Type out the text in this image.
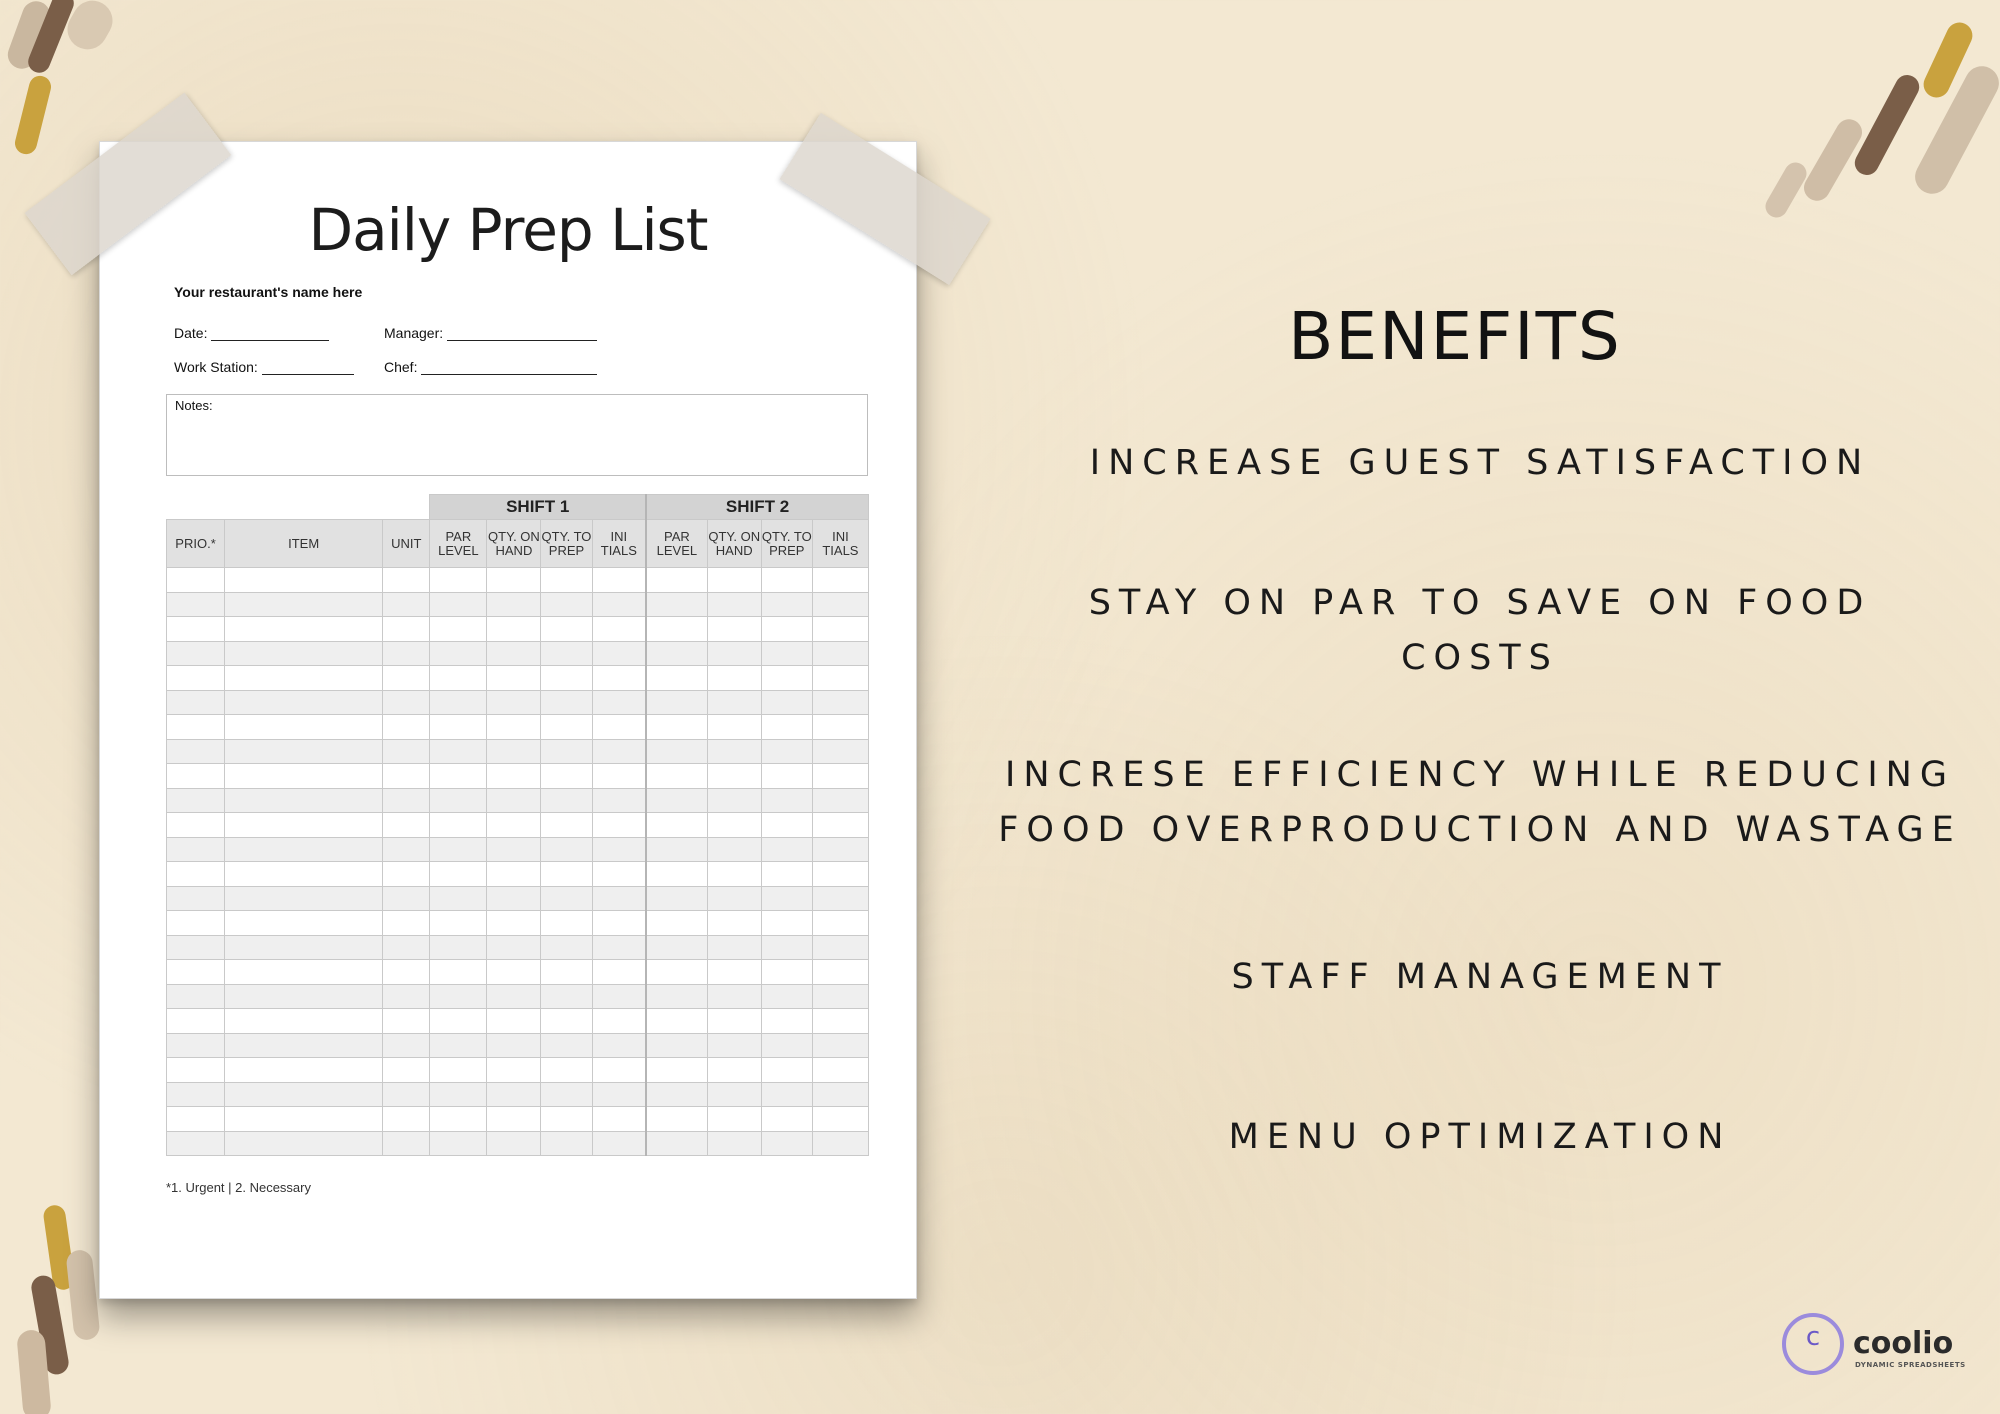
Daily Prep List
Your restaurant's name here
Date:	Manager:
Work Station:	Chef:
Notes:
			SHIFT 1				SHIFT 2			
PRIO.*	ITEM	UNIT	PAR LEVEL	QTY. ON HAND	QTY. TO PREP	INI TIALS	PAR LEVEL	QTY. ON HAND	QTY. TO PREP	INI TIALS

*1. Urgent | 2. Necessary
BENEFITS
INCREASE GUEST SATISFACTION
STAY ON PAR TO SAVE ON FOOD COSTS
INCRESE EFFICIENCY WHILE REDUCING FOOD OVERPRODUCTION AND WASTAGE
STAFF MANAGEMENT
MENU OPTIMIZATION
c	coolio
DYNAMIC SPREADSHEETS
